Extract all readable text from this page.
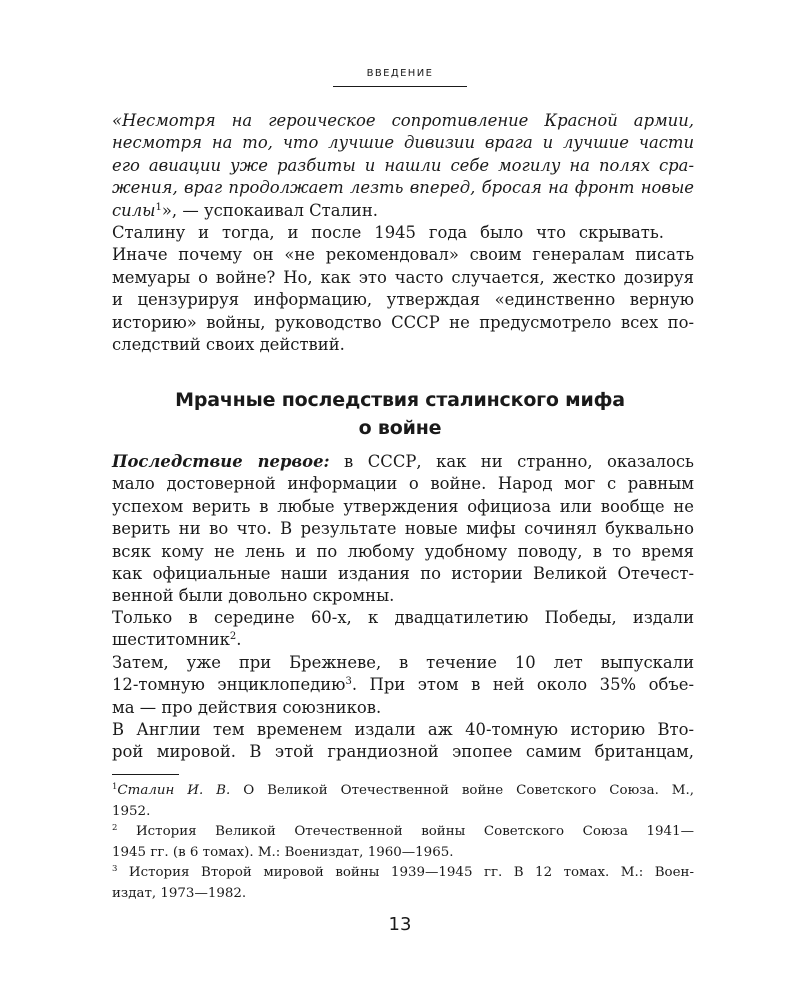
ВВЕДЕНИЕ
«Несмотря на героическое сопротивление Красной армии,
несмотря на то, что лучшие дивизии врага и лучшие части
его авиации уже разбиты и нашли себе могилу на полях сра-
жения, враг продолжает лезть вперед, бросая на фронт новые
силы$^1$», — успокаивал Сталин.
Сталину и тогда, и после 1945 года было что скрывать.
Иначе почему он «не рекомендовал» своим генералам писать
мемуары о войне? Но, как это часто случается, жестко дозируя
и цензурируя информацию, утверждая «единственно верную
историю» войны, руководство СССР не предусмотрело всех по-
следствий своих действий.
Мрачные последствия сталинского мифа
о войне
Последствие первое: в СССР, как ни странно, оказалось
мало достоверной информации о войне. Народ мог с равным
успехом верить в любые утверждения официоза или вообще не
верить ни во что. В результате новые мифы сочинял буквально
всяк кому не лень и по любому удобному поводу, в то время
как официальные наши издания по истории Великой Отечест-
венной были довольно скромны.
Только в середине 60-х, к двадцатилетию Победы, издали
шеститомник$^2$.
Затем, уже при Брежневе, в течение 10 лет выпускали
12-томную энциклопедию$^3$. При этом в ней около 35% объе-
ма — про действия союзников.
В Англии тем временем издали аж 40-томную историю Вто-
рой мировой. В этой грандиозной эпопее самим британцам,
$^1$Сталин И. В. О Великой Отечественной войне Советского Союза. М.,
1952.
$^2$ История Великой Отечественной войны Советского Союза 1941—
1945 гг. (в 6 томах). М.: Воениздат, 1960—1965.
$^3$ История Второй мировой войны 1939—1945 гг. В 12 томах. М.: Воен-
издат, 1973—1982.
13
